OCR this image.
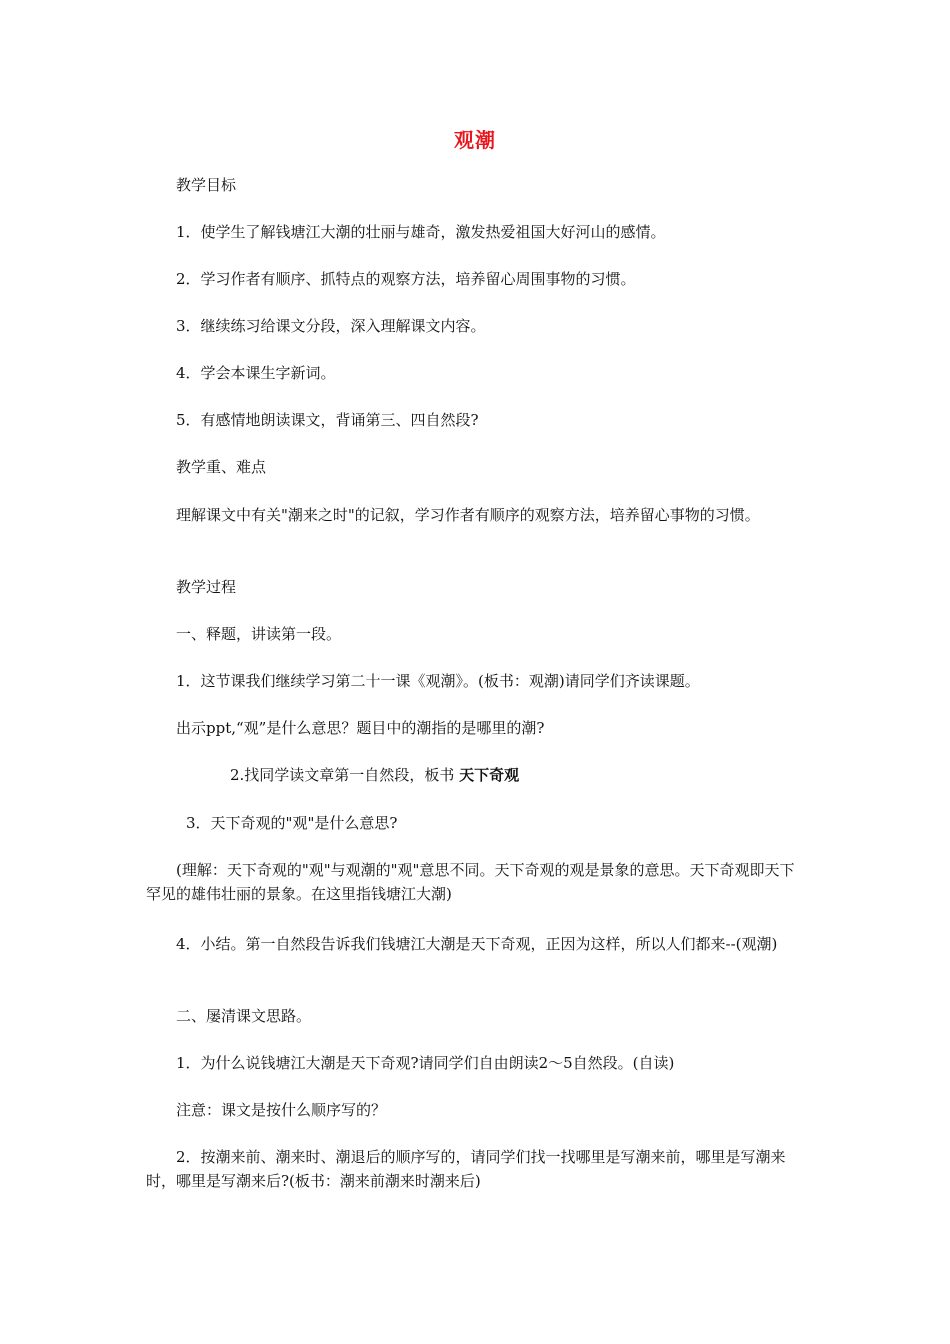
观潮
教学目标
1．使学生了解钱塘江大潮的壮丽与雄奇，激发热爱祖国大好河山的感情。
2．学习作者有顺序、抓特点的观察方法，培养留心周围事物的习惯。
3．继续练习给课文分段，深入理解课文内容。
4．学会本课生字新词。
5．有感情地朗读课文，背诵第三、四自然段?
教学重、难点
理解课文中有关"潮来之时"的记叙，学习作者有顺序的观察方法，培养留心事物的习惯。
教学过程
一、释题，讲读第一段。
1．这节课我们继续学习第二十一课《观潮》。(板书：观潮)请同学们齐读课题。
出示ppt,“观”是什么意思？题目中的潮指的是哪里的潮?
2.找同学读文章第一自然段，板书 天下奇观
3．天下奇观的"观"是什么意思?
(理解：天下奇观的"观"与观潮的"观"意思不同。天下奇观的观是景象的意思。天下奇观即天下罕见的雄伟壮丽的景象。在这里指钱塘江大潮)
4．小结。第一自然段告诉我们钱塘江大潮是天下奇观，正因为这样，所以人们都来--(观潮)
二、屡清课文思路。
1．为什么说钱塘江大潮是天下奇观?请同学们自由朗读2～5自然段。(自读)
注意：课文是按什么顺序写的？
2．按潮来前、潮来时、潮退后的顺序写的，请同学们找一找哪里是写潮来前，哪里是写潮来时，哪里是写潮来后?(板书：潮来前潮来时潮来后)
